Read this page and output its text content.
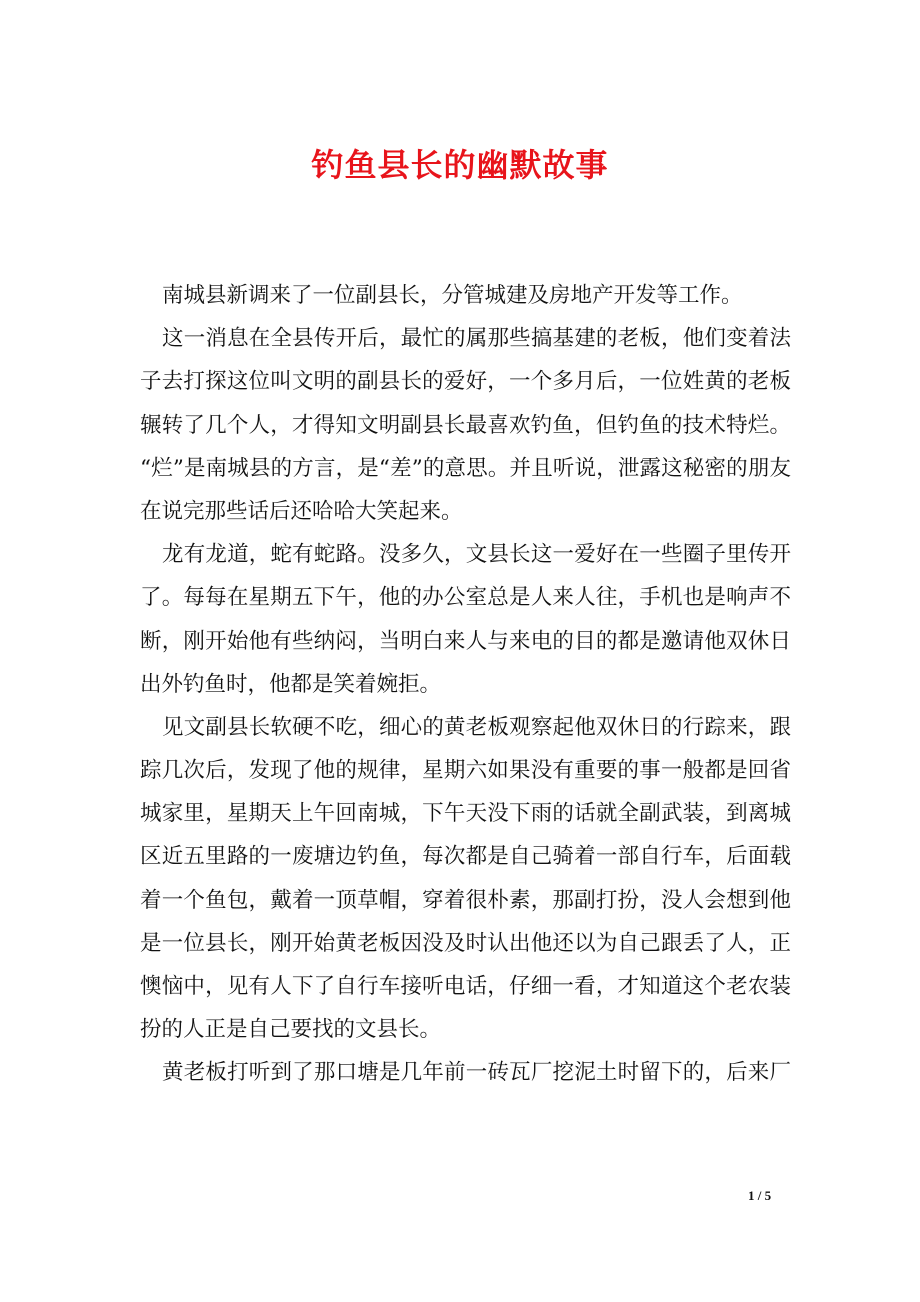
钓鱼县长的幽默故事
南城县新调来了一位副县长，分管城建及房地产开发等工作。
这一消息在全县传开后，最忙的属那些搞基建的老板，他们变着法
子去打探这位叫文明的副县长的爱好，一个多月后，一位姓黄的老板
辗转了几个人，才得知文明副县长最喜欢钓鱼，但钓鱼的技术特烂。
“烂”是南城县的方言，是“差”的意思。并且听说，泄露这秘密的朋友
在说完那些话后还哈哈大笑起来。
龙有龙道，蛇有蛇路。没多久，文县长这一爱好在一些圈子里传开
了。每每在星期五下午，他的办公室总是人来人往，手机也是响声不
断，刚开始他有些纳闷，当明白来人与来电的目的都是邀请他双休日
出外钓鱼时，他都是笑着婉拒。
见文副县长软硬不吃，细心的黄老板观察起他双休日的行踪来，跟
踪几次后，发现了他的规律，星期六如果没有重要的事一般都是回省
城家里，星期天上午回南城，下午天没下雨的话就全副武装，到离城
区近五里路的一废塘边钓鱼，每次都是自己骑着一部自行车，后面载
着一个鱼包，戴着一顶草帽，穿着很朴素，那副打扮，没人会想到他
是一位县长，刚开始黄老板因没及时认出他还以为自己跟丢了人，正
懊恼中，见有人下了自行车接听电话，仔细一看，才知道这个老农装
扮的人正是自己要找的文县长。
黄老板打听到了那口塘是几年前一砖瓦厂挖泥土时留下的，后来厂
1 / 5
